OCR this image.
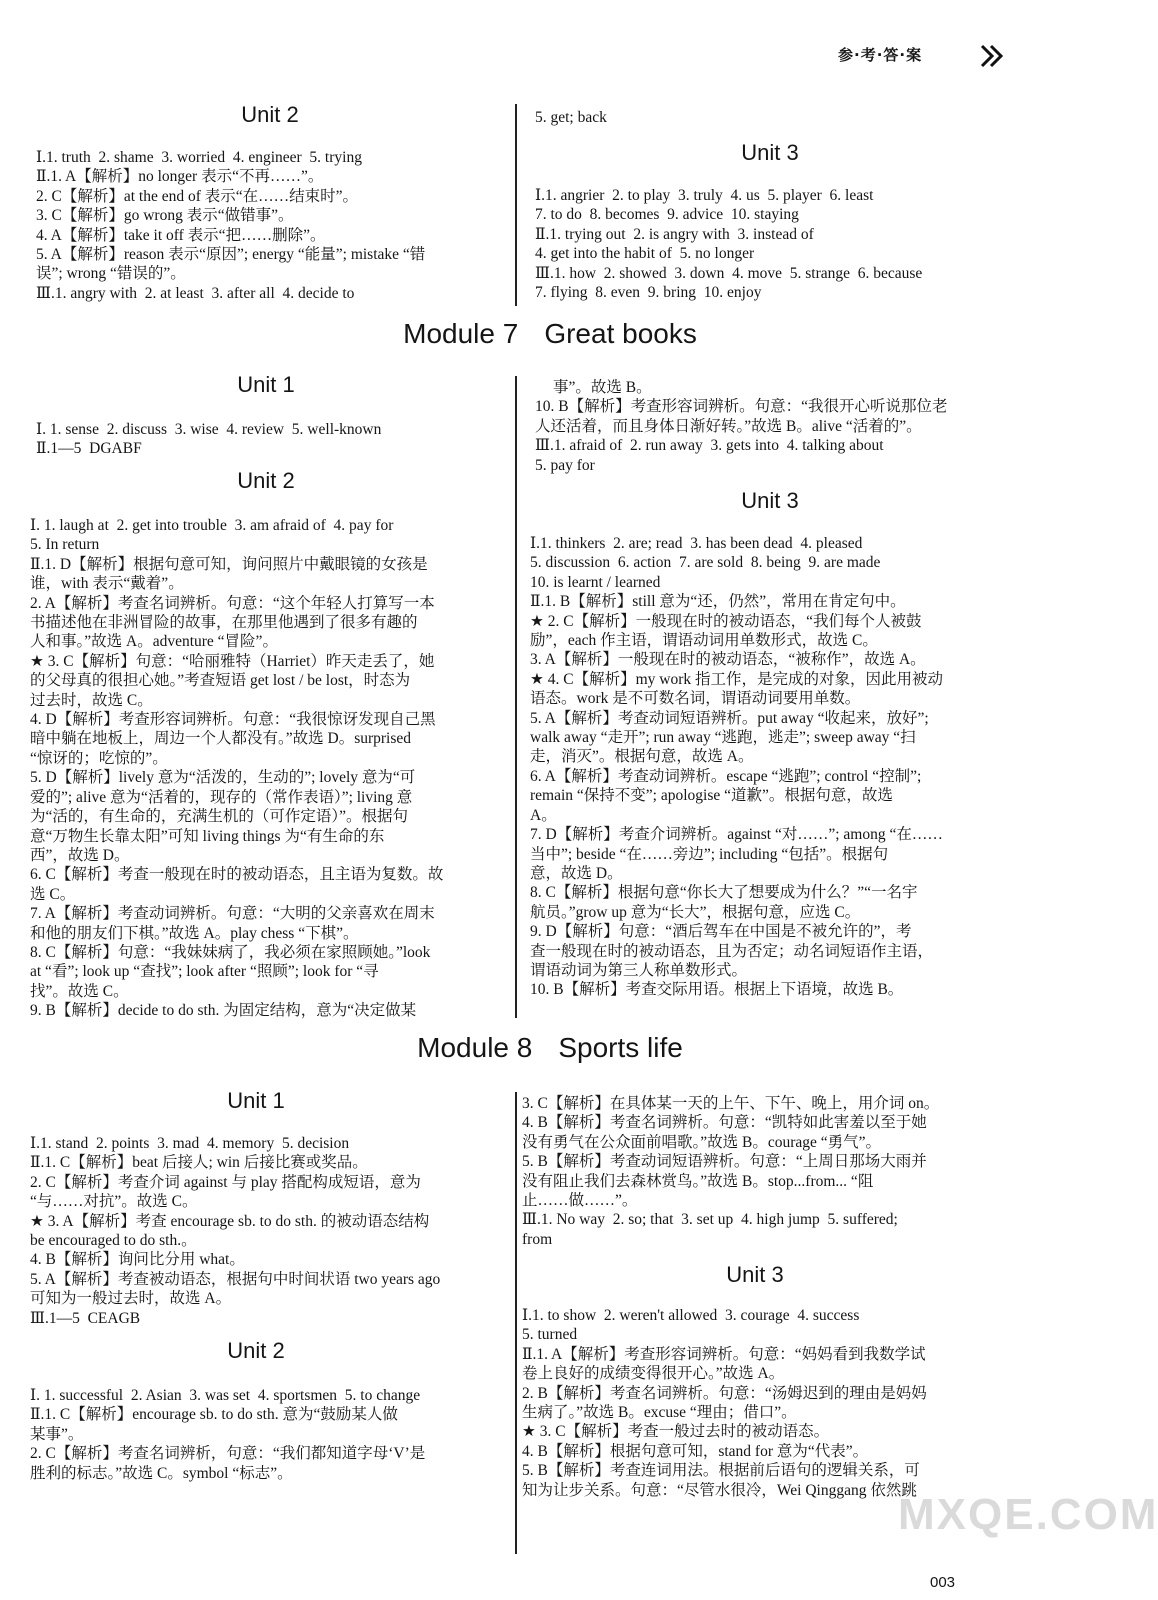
参·考·答·案
Unit 2
Ⅰ.1. truth  2. shame  3. worried  4. engineer  5. trying
Ⅱ.1. A【解析】no longer 表示“不再……”。
2. C【解析】at the end of 表示“在……结束时”。
3. C【解析】go wrong 表示“做错事”。
4. A【解析】take it off 表示“把……删除”。
5. A【解析】reason 表示“原因”; energy “能量”; mistake “错
误”; wrong “错误的”。
Ⅲ.1. angry with  2. at least  3. after all  4. decide to
5. get; back
Unit 3
Ⅰ.1. angrier  2. to play  3. truly  4. us  5. player  6. least
7. to do  8. becomes  9. advice  10. staying
Ⅱ.1. trying out  2. is angry with  3. instead of
4. get into the habit of  5. no longer
Ⅲ.1. how  2. showed  3. down  4. move  5. strange  6. because
7. flying  8. even  9. bring  10. enjoy
Module 7 Great books
Unit 1
Ⅰ. 1. sense  2. discuss  3. wise  4. review  5. well-known
Ⅱ.1—5  DGABF
Unit 2
Ⅰ. 1. laugh at  2. get into trouble  3. am afraid of  4. pay for
5. In return
Ⅱ.1. D【解析】根据句意可知，询问照片中戴眼镜的女孩是
谁，with 表示“戴着”。
2. A【解析】考查名词辨析。句意：“这个年轻人打算写一本
书描述他在非洲冒险的故事，在那里他遇到了很多有趣的
人和事。”故选 A。adventure “冒险”。
★ 3. C【解析】句意：“哈丽雅特（Harriet）昨天走丢了，她
的父母真的很担心她。”考查短语 get lost / be lost，时态为
过去时，故选 C。
4. D【解析】考查形容词辨析。句意：“我很惊讶发现自己黑
暗中躺在地板上，周边一个人都没有。”故选 D。surprised
“惊讶的；吃惊的”。
5. D【解析】lively 意为“活泼的，生动的”; lovely 意为“可
爱的”; alive 意为“活着的，现存的（常作表语）”; living 意
为“活的，有生命的，充满生机的（可作定语）”。根据句
意“万物生长靠太阳”可知 living things 为“有生命的东
西”，故选 D。
6. C【解析】考查一般现在时的被动语态，且主语为复数。故
选 C。
7. A【解析】考查动词辨析。句意：“大明的父亲喜欢在周末
和他的朋友们下棋。”故选 A。play chess “下棋”。
8. C【解析】句意：“我妹妹病了，我必须在家照顾她。”look
at “看”; look up “查找”; look after “照顾”; look for “寻
找”。故选 C。
9. B【解析】decide to do sth. 为固定结构，意为“决定做某
事”。故选 B。
10. B【解析】考查形容词辨析。句意：“我很开心听说那位老
人还活着，而且身体日渐好转。”故选 B。alive “活着的”。
Ⅲ.1. afraid of  2. run away  3. gets into  4. talking about
5. pay for
Unit 3
Ⅰ.1. thinkers  2. are; read  3. has been dead  4. pleased
5. discussion  6. action  7. are sold  8. being  9. are made
10. is learnt / learned
Ⅱ.1. B【解析】still 意为“还，仍然”，常用在肯定句中。
★ 2. C【解析】一般现在时的被动语态，“我们每个人被鼓
励”，each 作主语，谓语动词用单数形式，故选 C。
3. A【解析】一般现在时的被动语态，“被称作”，故选 A。
★ 4. C【解析】my work 指工作，是完成的对象，因此用被动
语态。work 是不可数名词，谓语动词要用单数。
5. A【解析】考查动词短语辨析。put away “收起来，放好”;
walk away “走开”; run away “逃跑，逃走”; sweep away “扫
走，消灭”。根据句意，故选 A。
6. A【解析】考查动词辨析。escape “逃跑”; control “控制”;
remain “保持不变”; apologise “道歉”。根据句意，故选
A。
7. D【解析】考查介词辨析。against “对……”; among “在……
当中”; beside “在……旁边”; including “包括”。根据句
意，故选 D。
8. C【解析】根据句意“你长大了想要成为什么？”“一名宇
航员。”grow up 意为“长大”，根据句意，应选 C。
9. D【解析】句意：“酒后驾车在中国是不被允许的”，考
查一般现在时的被动语态，且为否定；动名词短语作主语，
谓语动词为第三人称单数形式。
10. B【解析】考查交际用语。根据上下语境，故选 B。
Module 8 Sports life
Unit 1
Ⅰ.1. stand  2. points  3. mad  4. memory  5. decision
Ⅱ.1. C【解析】beat 后接人; win 后接比赛或奖品。
2. C【解析】考查介词 against 与 play 搭配构成短语，意为
“与……对抗”。故选 C。
★ 3. A【解析】考查 encourage sb. to do sth. 的被动语态结构
be encouraged to do sth.。
4. B【解析】询问比分用 what。
5. A【解析】考查被动语态，根据句中时间状语 two years ago
可知为一般过去时，故选 A。
Ⅲ.1—5  CEAGB
Unit 2
Ⅰ. 1. successful  2. Asian  3. was set  4. sportsmen  5. to change
Ⅱ.1. C【解析】encourage sb. to do sth. 意为“鼓励某人做
某事”。
2. C【解析】考查名词辨析，句意：“我们都知道字母‘V’是
胜利的标志。”故选 C。symbol “标志”。
3. C【解析】在具体某一天的上午、下午、晚上，用介词 on。
4. B【解析】考查名词辨析。句意：“凯特如此害羞以至于她
没有勇气在公众面前唱歌。”故选 B。courage “勇气”。
5. B【解析】考查动词短语辨析。句意：“上周日那场大雨并
没有阻止我们去森林赏鸟。”故选 B。stop...from... “阻
止……做……”。
Ⅲ.1. No way  2. so; that  3. set up  4. high jump  5. suffered;
from
Unit 3
Ⅰ.1. to show  2. weren't allowed  3. courage  4. success
5. turned
Ⅱ.1. A【解析】考查形容词辨析。句意：“妈妈看到我数学试
卷上良好的成绩变得很开心。”故选 A。
2. B【解析】考查名词辨析。句意：“汤姆迟到的理由是妈妈
生病了。”故选 B。excuse “理由；借口”。
★ 3. C【解析】考查一般过去时的被动语态。
4. B【解析】根据句意可知，stand for 意为“代表”。
5. B【解析】考查连词用法。根据前后语句的逻辑关系，可
知为让步关系。句意：“尽管水很冷，Wei Qinggang 依然跳
MXQE.COM
003
